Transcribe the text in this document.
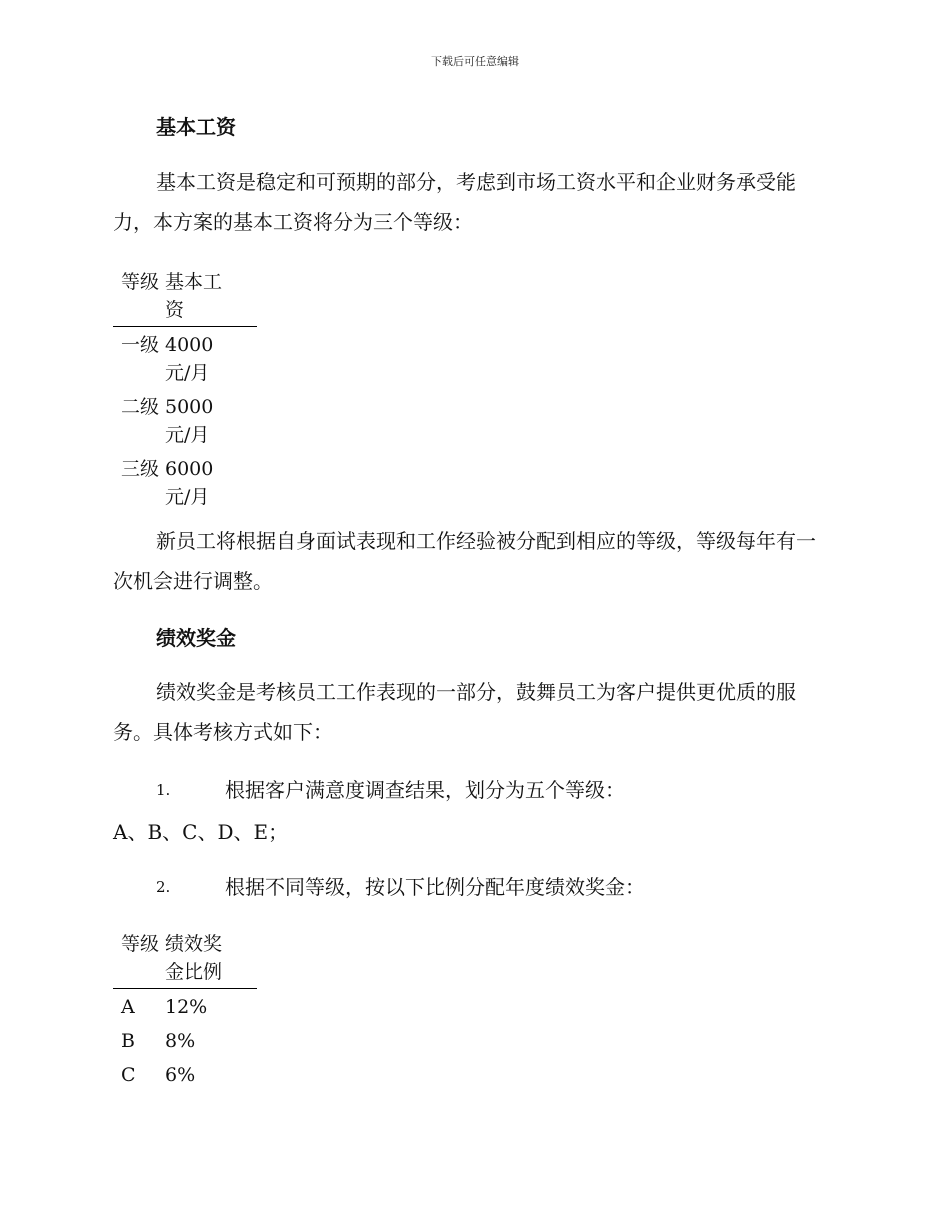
下载后可任意编辑
基本工资
基本工资是稳定和可预期的部分，考虑到市场工资水平和企业财务承受能力，本方案的基本工资将分为三个等级：
等级	基本工资

一级	4000元/月

二级	5000元/月

三级	6000元/月
新员工将根据自身面试表现和工作经验被分配到相应的等级，等级每年有一次机会进行调整。
绩效奖金
绩效奖金是考核员工工作表现的一部分，鼓舞员工为客户提供更优质的服务。具体考核方式如下：
1.	根据客户满意度调查结果，划分为五个等级：
A、B、C、D、E；
2.	根据不同等级，按以下比例分配年度绩效奖金：
等级	绩效奖金比例

A	12%
B	8%
C	6%
